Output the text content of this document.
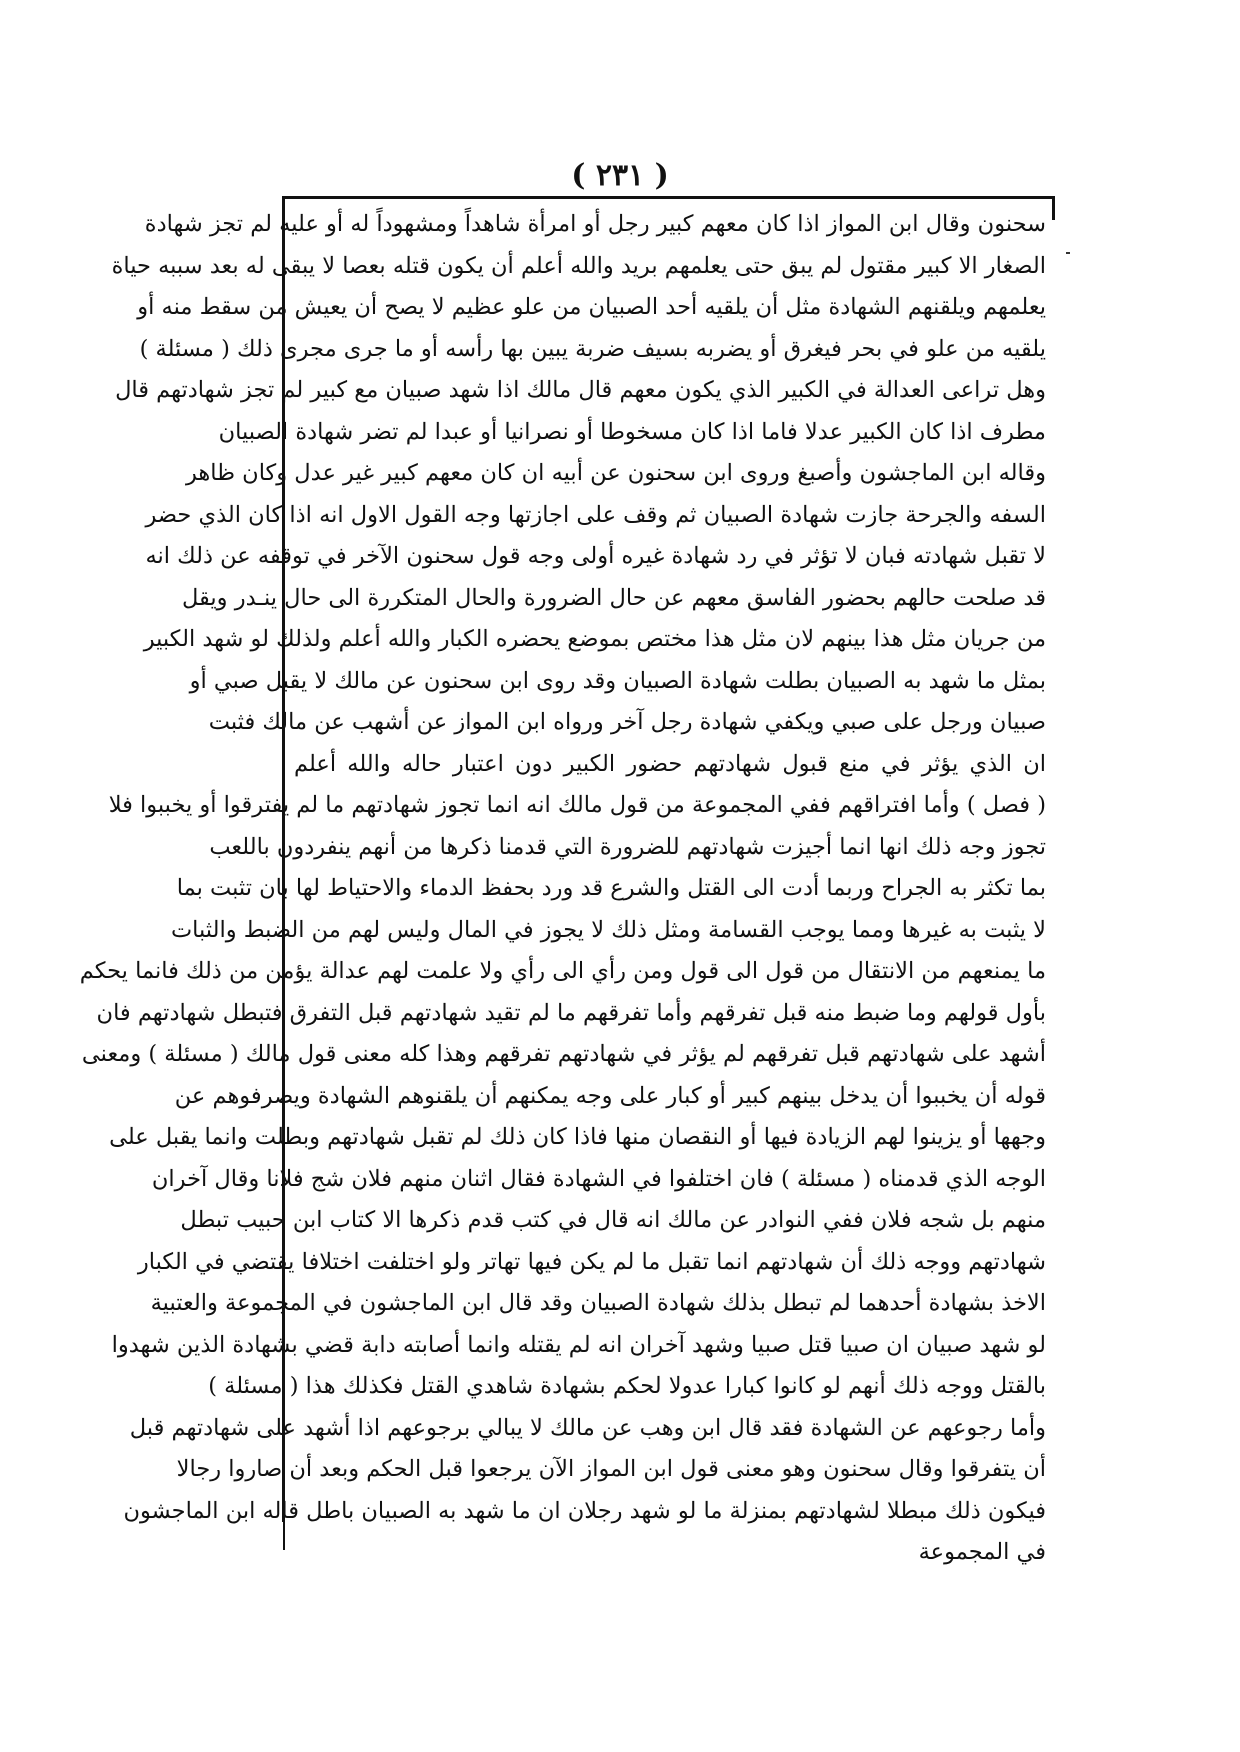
( ٢٣١ )
سحنون وقال ابن المواز اذا كان معهم كبير رجل أو امرأة شاهداً ومشهوداً له أو عليه لم تجز شهادة
الصغار الا كبير مقتول لم يبق حتى يعلمهم بريد والله أعلم أن يكون قتله بعصا لا يبقى له بعد سببه حياة
يعلمهم ويلقنهم الشهادة مثل أن يلقيه أحد الصبيان من علو عظيم لا يصح أن يعيش من سقط منه أو
يلقيه من علو في بحر فيغرق أو يضربه بسيف ضربة يبين بها رأسه أو ما جرى مجرى ذلك ( مسئلة )
وهل تراعى العدالة في الكبير الذي يكون معهم قال مالك اذا شهد صبيان مع كبير لم تجز شهادتهم قال
مطرف اذا كان الكبير عدلا فاما اذا كان مسخوطا أو نصرانيا أو عبدا لم تضر شهادة الصبيان
وقاله ابن الماجشون وأصبغ وروى ابن سحنون عن أبيه ان كان معهم كبير غير عدل وكان ظاهر
السفه والجرحة جازت شهادة الصبيان ثم وقف على اجازتها وجه القول الاول انه اذا كان الذي حضر
لا تقبل شهادته فبان لا تؤثر في رد شهادة غيره أولى وجه قول سحنون الآخر في توقفه عن ذلك انه
قد صلحت حالهم بحضور الفاسق معهم عن حال الضرورة والحال المتكررة الى حال ينـدر ويقل
من جريان مثل هذا بينهم لان مثل هذا مختص بموضع يحضره الكبار والله أعلم ولذلك لو شهد الكبير
بمثل ما شهد به الصبيان بطلت شهادة الصبيان وقد روى ابن سحنون عن مالك لا يقبل صبي أو
صبيان ورجل على صبي ويكفي شهادة رجل آخر ورواه ابن المواز عن أشهب عن مالك فثبت
ان الذي يؤثر في منع قبول شهادتهم حضور الكبير دون اعتبار حاله والله أعلم
( فصل ) وأما افتراقهم ففي المجموعة من قول مالك انه انما تجوز شهادتهم ما لم يفترقوا أو يخببوا فلا
تجوز وجه ذلك انها انما أجيزت شهادتهم للضرورة التي قدمنا ذكرها من أنهم ينفردون باللعب
بما تكثر به الجراح وربما أدت الى القتل والشرع قد ورد بحفظ الدماء والاحتياط لها بان تثبت بما
لا يثبت به غيرها ومما يوجب القسامة ومثل ذلك لا يجوز في المال وليس لهم من الضبط والثبات
ما يمنعهم من الانتقال من قول الى قول ومن رأي الى رأي ولا علمت لهم عدالة يؤمن من ذلك فانما يحكم
بأول قولهم وما ضبط منه قبل تفرقهم وأما تفرقهم ما لم تقيد شهادتهم قبل التفرق فتبطل شهادتهم فان
أشهد على شهادتهم قبل تفرقهم لم يؤثر في شهادتهم تفرقهم وهذا كله معنى قول مالك ( مسئلة ) ومعنى
قوله أن يخببوا أن يدخل بينهم كبير أو كبار على وجه يمكنهم أن يلقنوهم الشهادة ويصرفوهم عن
وجهها أو يزينوا لهم الزيادة فيها أو النقصان منها فاذا كان ذلك لم تقبل شهادتهم وبطلت وانما يقبل على
الوجه الذي قدمناه ( مسئلة ) فان اختلفوا في الشهادة فقال اثنان منهم فلان شج فلانا وقال آخران
منهم بل شجه فلان ففي النوادر عن مالك انه قال في كتب قدم ذكرها الا كتاب ابن حبيب تبطل
شهادتهم ووجه ذلك أن شهادتهم انما تقبل ما لم يكن فيها تهاتر ولو اختلفت اختلافا يقتضي في الكبار
الاخذ بشهادة أحدهما لم تبطل بذلك شهادة الصبيان وقد قال ابن الماجشون في المجموعة والعتبية
لو شهد صبيان ان صبيا قتل صبيا وشهد آخران انه لم يقتله وانما أصابته دابة قضي بشهادة الذين شهدوا
بالقتل ووجه ذلك أنهم لو كانوا كبارا عدولا لحكم بشهادة شاهدي القتل فكذلك هذا ( مسئلة )
وأما رجوعهم عن الشهادة فقد قال ابن وهب عن مالك لا يبالي برجوعهم اذا أشهد على شهادتهم قبل
أن يتفرقوا وقال سحنون وهو معنى قول ابن المواز الآن يرجعوا قبل الحكم وبعد أن صاروا رجالا
فيكون ذلك مبطلا لشهادتهم بمنزلة ما لو شهد رجلان ان ما شهد به الصبيان باطل قاله ابن الماجشون
في المجموعة
